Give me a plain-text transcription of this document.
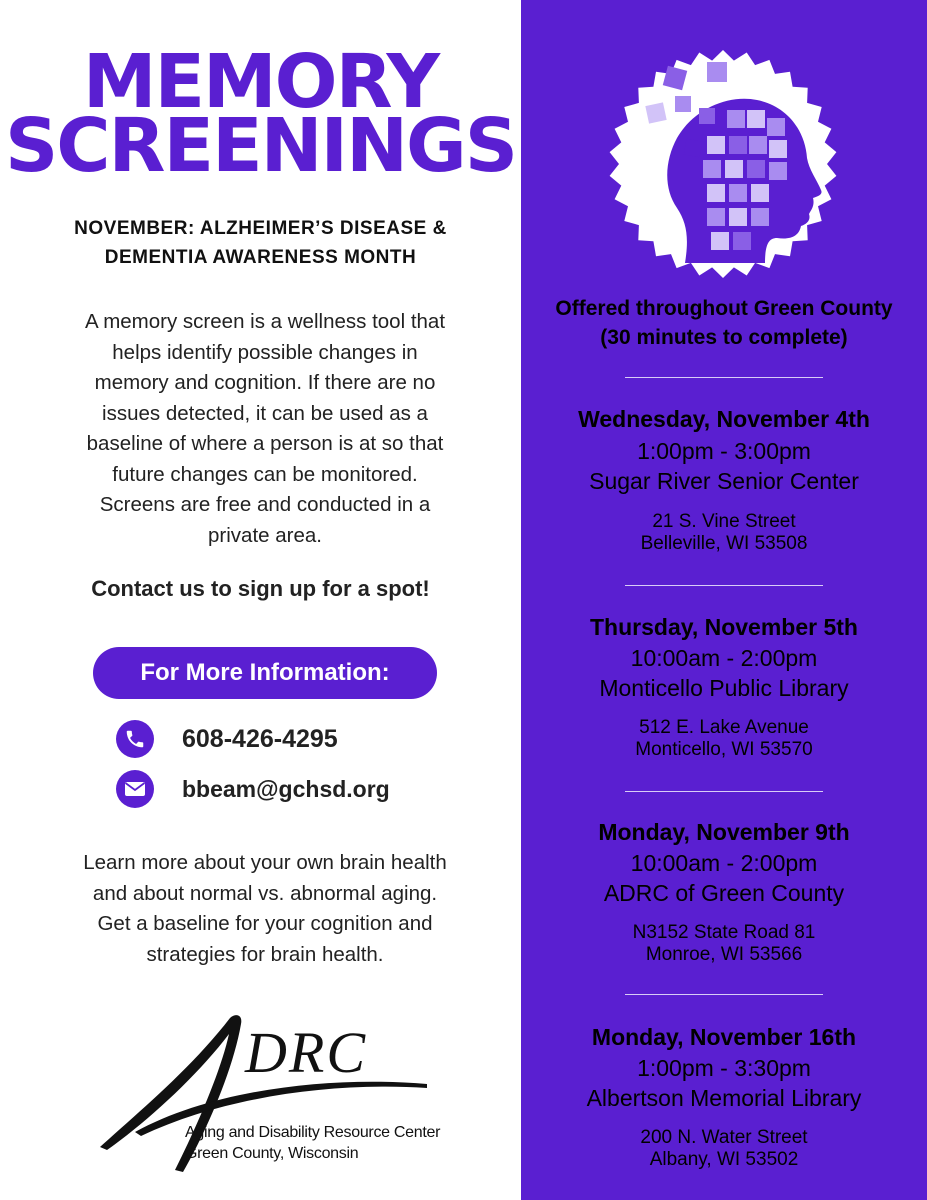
MEMORY
SCREENINGS
NOVEMBER: ALZHEIMER’S DISEASE &
DEMENTIA AWARENESS MONTH
A memory screen is a wellness tool that
helps identify possible changes in
memory and cognition. If there are no
issues detected, it can be used as a
baseline of where a person is at so that
future changes can be monitored.
Screens are free and conducted in a
private area.
Contact us to sign up for a spot!
For More Information:
608-426-4295
bbeam@gchsd.org
Learn more about your own brain health
and about normal vs. abnormal aging.
Get a baseline for your cognition and
strategies for brain health.
DRC
Aging and Disability Resource Center
Green County, Wisconsin
Offered throughout Green County
(30 minutes to complete)
Wednesday, November 4th
1:00pm - 3:00pm
Sugar River Senior Center
21 S. Vine Street
Belleville, WI 53508
Thursday, November 5th
10:00am - 2:00pm
Monticello Public Library
512 E. Lake Avenue
Monticello, WI 53570
Monday, November 9th
10:00am - 2:00pm
ADRC of Green County
N3152 State Road 81
Monroe, WI 53566
Monday, November 16th
1:00pm - 3:30pm
Albertson Memorial Library
200 N. Water Street
Albany, WI 53502
